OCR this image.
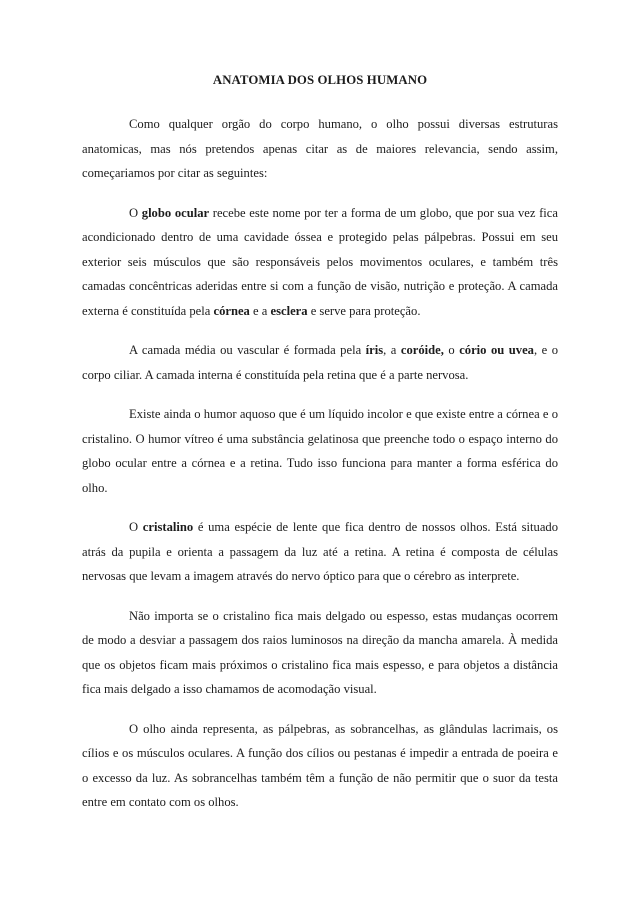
ANATOMIA DOS OLHOS HUMANO

Como qualquer orgão do corpo humano, o olho possui diversas estruturas anatomicas, mas nós pretendos apenas citar as de maiores relevancia, sendo assim, começariamos por citar as seguintes:

O globo ocular recebe este nome por ter a forma de um globo, que por sua vez fica acondicionado dentro de uma cavidade óssea e protegido pelas pálpebras. Possui em seu exterior seis músculos que são responsáveis pelos movimentos oculares, e também três camadas concêntricas aderidas entre si com a função de visão, nutrição e proteção. A camada externa é constituída pela córnea e a esclera e serve para proteção.

A camada média ou vascular é formada pela íris, a coróide, o cório ou uvea, e o corpo ciliar. A camada interna é constituída pela retina que é a parte nervosa.

Existe ainda o humor aquoso que é um líquido incolor e que existe entre a córnea e o cristalino. O humor vítreo é uma substância gelatinosa que preenche todo o espaço interno do globo ocular entre a córnea e a retina. Tudo isso funciona para manter a forma esférica do olho.

O cristalino é uma espécie de lente que fica dentro de nossos olhos. Está situado atrás da pupila e orienta a passagem da luz até a retina. A retina é composta de células nervosas que levam a imagem através do nervo óptico para que o cérebro as interprete.

Não importa se o cristalino fica mais delgado ou espesso, estas mudanças ocorrem de modo a desviar a passagem dos raios luminosos na direção da mancha amarela. À medida que os objetos ficam mais próximos o cristalino fica mais espesso, e para objetos a distância fica mais delgado a isso chamamos de acomodação visual.

O olho ainda representa, as pálpebras, as sobrancelhas, as glândulas lacrimais, os cílios e os músculos oculares. A função dos cílios ou pestanas é impedir a entrada de poeira e o excesso da luz. As sobrancelhas também têm a função de não permitir que o suor da testa entre em contato com os olhos.
